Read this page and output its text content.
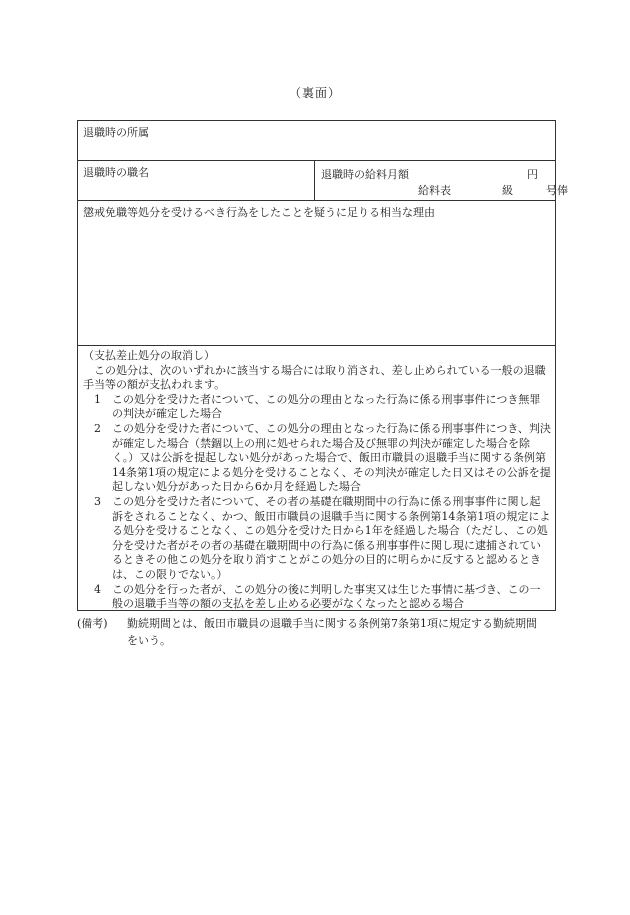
（裏面）
退職時の所属
退職時の職名	退職時の給料月額	円
給料表	級	号俸
懲戒免職等処分を受けるべき行為をしたことを疑うに足りる相当な理由

（支払差止処分の取消し）

この処分は、次のいずれかに該当する場合には取り消され、差し止められている一般の退職手当等の額が支払われます。

1	この処分を受けた者について、この処分の理由となった行為に係る刑事事件につき無罪の判決が確定した場合
2	この処分を受けた者について、この処分の理由となった行為に係る刑事事件につき、判決が確定した場合（禁錮以上の刑に処せられた場合及び無罪の判決が確定した場合を除く。）又は公訴を提起しない処分があった場合で、飯田市職員の退職手当に関する条例第14条第1項の規定による処分を受けることなく、その判決が確定した日又はその公訴を提起しない処分があった日から6か月を経過した場合
3	この処分を受けた者について、その者の基礎在職期間中の行為に係る刑事事件に関し起訴をされることなく、かつ、飯田市職員の退職手当に関する条例第14条第1項の規定による処分を受けることなく、この処分を受けた日から1年を経過した場合（ただし、この処分を受けた者がその者の基礎在職期間中の行為に係る刑事事件に関し現に逮捕されているときその他この処分を取り消すことがこの処分の目的に明らかに反すると認めるときは、この限りでない。）
4	この処分を行った者が、この処分の後に判明した事実又は生じた事情に基づき、この一般の退職手当等の額の支払を差し止める必要がなくなったと認める場合
(備考)	勤続期間とは、飯田市職員の退職手当に関する条例第7条第1項に規定する勤続期間をいう。
